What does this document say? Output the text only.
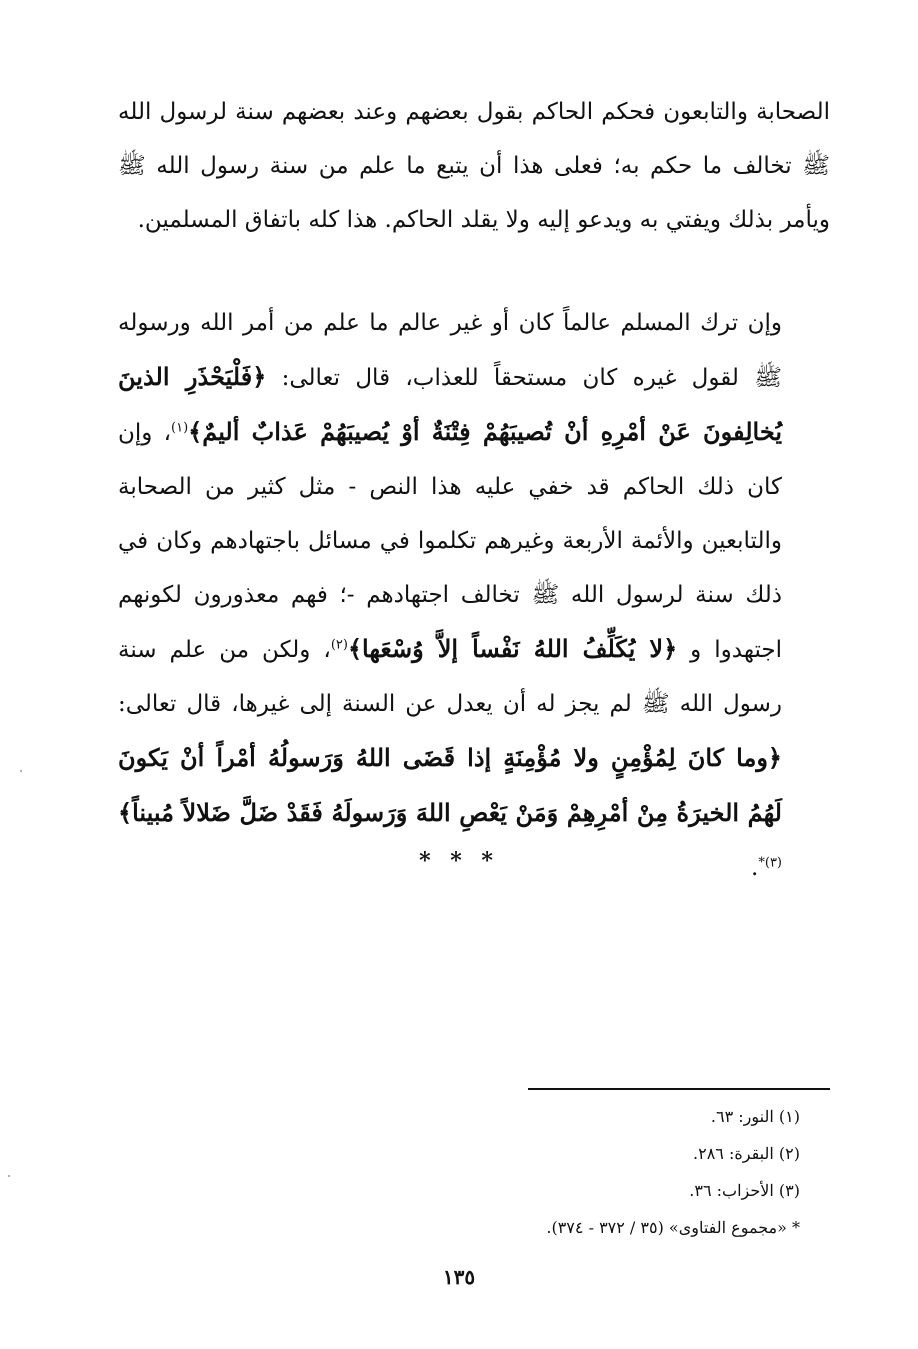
الصحابة والتابعون فحكم الحاكم بقول بعضهم وعند بعضهم سنة لرسول الله ﷺ تخالف ما حكم به؛ فعلى هذا أن يتبع ما علم من سنة رسول الله ﷺ ويأمر بذلك ويفتي به ويدعو إليه ولا يقلد الحاكم. هذا كله باتفاق المسلمين.

وإن ترك المسلم عالماً كان أو غير عالم ما علم من أمر الله ورسوله ﷺ لقول غيره كان مستحقاً للعذاب، قال تعالى: ﴿فَلْيَحْذَرِ الذينَ يُخالِفونَ عَنْ أمْرِهِ أنْ تُصيبَهُمْ فِتْنَةٌ أوْ يُصيبَهُمْ عَذابٌ أليمٌ﴾$^{(١)}$، وإن كان ذلك الحاكم قد خفي عليه هذا النص - مثل كثير من الصحابة والتابعين والأئمة الأربعة وغيرهم تكلموا في مسائل باجتهادهم وكان في ذلك سنة لرسول الله ﷺ تخالف اجتهادهم -؛ فهم معذورون لكونهم اجتهدوا و ﴿لا يُكَلِّفُ اللهُ نَفْساً إلاَّ وُسْعَها﴾$^{(٢)}$، ولكن من علم سنة رسول الله ﷺ لم يجز له أن يعدل عن السنة إلى غيرها، قال تعالى: ﴿وما كانَ لِمُؤْمِنٍ ولا مُؤْمِنَةٍ إذا قَضَى اللهُ وَرَسولُهُ أمْراً أنْ يَكونَ لَهُمُ الخيرَةُ مِنْ أمْرِهِمْ وَمَنْ يَعْصِ اللهَ وَرَسولَهُ فَقَدْ ضَلَّ ضَلالاً مُبيناً﴾$^{(٣)*}$.

* * *
(١) النور: ٦٣.
(٢) البقرة: ٢٨٦.
(٣) الأحزاب: ٣٦.
* «مجموع الفتاوى» (٣٥ / ٣٧٢ - ٣٧٤).
١٣٥
